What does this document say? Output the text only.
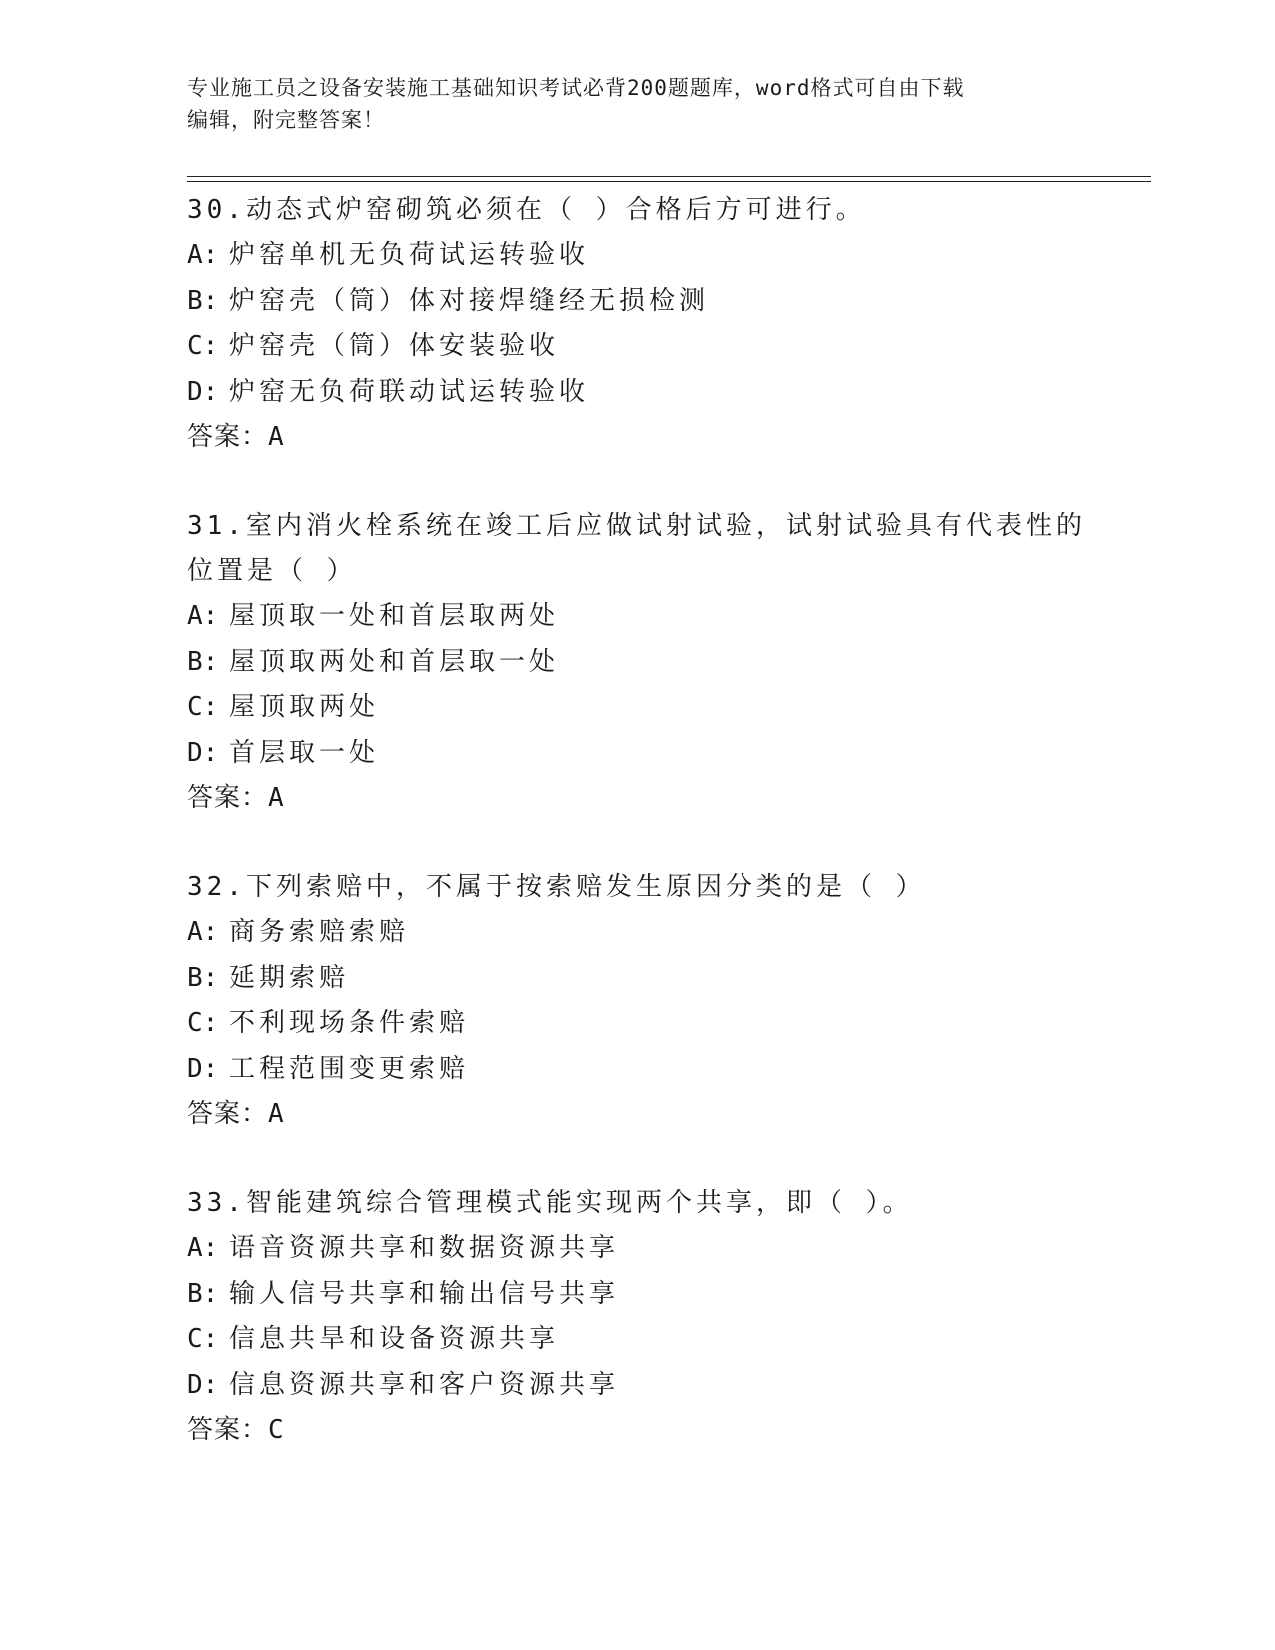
专业施工员之设备安装施工基础知识考试必背200题题库，word格式可自由下载
编辑，附完整答案！
30.动态式炉窑砌筑必须在（ ）合格后方可进行。
A: 炉窑单机无负荷试运转验收
B: 炉窑壳（筒）体对接焊缝经无损检测
C: 炉窑壳（筒）体安装验收
D: 炉窑无负荷联动试运转验收
答案：A
31.室内消火栓系统在竣工后应做试射试验，试射试验具有代表性的位置是（ ）
A: 屋顶取一处和首层取两处
B: 屋顶取两处和首层取一处
C: 屋顶取两处
D: 首层取一处
答案：A
32.下列索赔中，不属于按索赔发生原因分类的是（ ）
A: 商务索赔索赔
B: 延期索赔
C: 不利现场条件索赔
D: 工程范围变更索赔
答案：A
33.智能建筑综合管理模式能实现两个共享，即（ ）。
A: 语音资源共享和数据资源共享
B: 输人信号共享和输出信号共享
C: 信息共旱和设备资源共享
D: 信息资源共享和客户资源共享
答案：C
